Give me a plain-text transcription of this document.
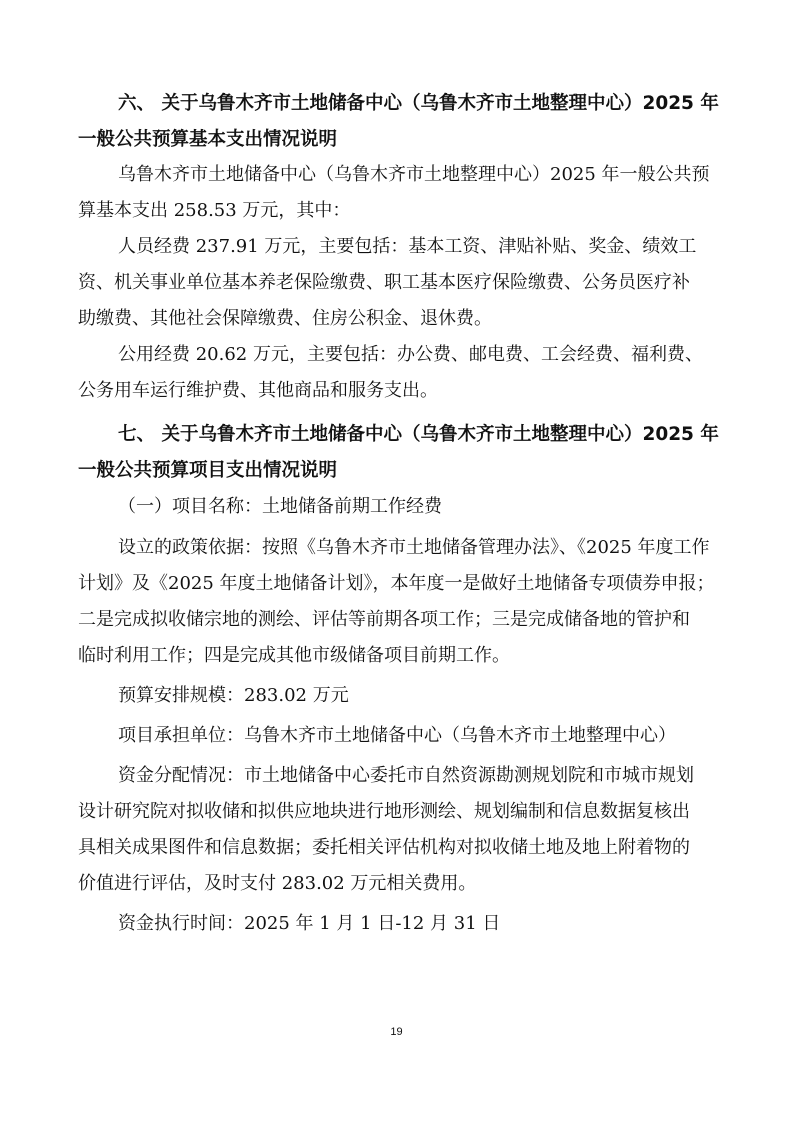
六、 关于乌鲁木齐市土地储备中心（乌鲁木齐市土地整理中心）2025 年
一般公共预算基本支出情况说明
乌鲁木齐市土地储备中心（乌鲁木齐市土地整理中心）2025 年一般公共预
算基本支出 258.53 万元，其中：
人员经费 237.91 万元，主要包括：基本工资、津贴补贴、奖金、绩效工
资、机关事业单位基本养老保险缴费、职工基本医疗保险缴费、公务员医疗补
助缴费、其他社会保障缴费、住房公积金、退休费。
公用经费 20.62 万元，主要包括：办公费、邮电费、工会经费、福利费、
公务用车运行维护费、其他商品和服务支出。
七、 关于乌鲁木齐市土地储备中心（乌鲁木齐市土地整理中心）2025 年
一般公共预算项目支出情况说明
（一）项目名称：土地储备前期工作经费
设立的政策依据：按照《乌鲁木齐市土地储备管理办法》、《2025 年度工作
计划》及《2025 年度土地储备计划》，本年度一是做好土地储备专项债券申报；
二是完成拟收储宗地的测绘、评估等前期各项工作；三是完成储备地的管护和
临时利用工作；四是完成其他市级储备项目前期工作。
预算安排规模：283.02 万元
项目承担单位：乌鲁木齐市土地储备中心（乌鲁木齐市土地整理中心）
资金分配情况：市土地储备中心委托市自然资源勘测规划院和市城市规划
设计研究院对拟收储和拟供应地块进行地形测绘、规划编制和信息数据复核出
具相关成果图件和信息数据；委托相关评估机构对拟收储土地及地上附着物的
价值进行评估，及时支付 283.02 万元相关费用。
资金执行时间：2025 年 1 月 1 日-12 月 31 日
19
